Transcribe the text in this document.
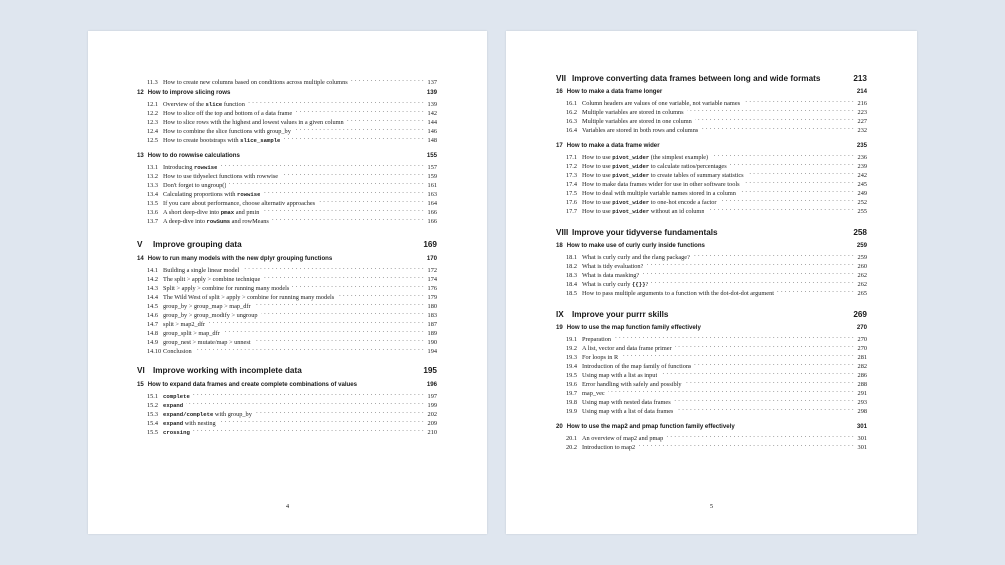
11.3 How to create new columns based on conditions across multiple columns . . .	137
12 How to improve slicing rows	139
12.1 Overview of the slice function . . .	139
12.2 How to slice off the top and bottom of a data frame . . .	142
12.3 How to slice rows with the highest and lowest values in a given column . . .	144
12.4 How to combine the slice functions with group_by . . .	146
12.5 How to create bootstraps with slice_sample . . .	148
13 How to do rowwise calculations	155
13.1 Introducing rowwise . . .	157
13.2 How to use tidyselect functions with rowwise . . .	159
13.3 Don't forget to ungroup() . . .	161
13.4 Calculating proportions with rowwise . . .	163
13.5 If you care about performance, choose alternativ approaches . . .	164
13.6 A short deep-dive into pmax and pmin . . .	166
13.7 A deep-dive into rowSums and rowMeans . . .	166
V Improve grouping data	169
14 How to run many models with the new dplyr grouping functions	170
14.1 Building a single linear model . . .	172
14.2 The split > apply > combine technique . . .	174
14.3 Split > apply > combine for running many models . . .	176
14.4 The Wild West of split > apply > combine for running many models . . .	179
14.5 group_by > group_map > map_dfr . . .	180
14.6 group_by > group_modify > ungroup . . .	183
14.7 split > map2_dfr . . .	187
14.8 group_split > map_dfr . . .	189
14.9 group_nest > mutate/map > unnest . . .	190
14.10 Conclusion . . .	194
VI Improve working with incomplete data	195
15 How to expand data frames and create complete combinations of values	196
15.1 complete . . .	197
15.2 expand . . .	199
15.3 expand/complete with group_by . . .	202
15.4 expand with nesting . . .	209
15.5 crossing . . .	210
4
VII Improve converting data frames between long and wide formats	213
16 How to make a data frame longer	214
16.1 Column headers are values of one variable, not variable names . . .	216
16.2 Multiple variables are stored in columns . . .	223
16.3 Multiple variables are stored in one column . . .	227
16.4 Variables are stored in both rows and columns . . .	232
17 How to make a data frame wider	235
17.1 How to use pivot_wider (the simplest example) . . .	236
17.2 How to use pivot_wider to calculate ratios/percentages . . .	239
17.3 How to use pivot_wider to create tables of summary statistics . . .	242
17.4 How to make data frames wider for use in other software tools . . .	245
17.5 How to deal with multiple variable names stored in a column . . .	249
17.6 How to use pivot_wider to one-hot encode a factor . . .	252
17.7 How to use pivot_wider without an id column . . .	255
VIII Improve your tidyverse fundamentals	258
18 How to make use of curly curly inside functions	259
18.1 What is curly curly and the rlang package? . . .	259
18.2 What is tidy evaluation? . . .	260
18.3 What is data masking? . . .	262
18.4 What is curly curly {{}}? . . .	262
18.5 How to pass multiple arguments to a function with the dot-dot-dot argument . . .	265
IX Improve your purrr skills	269
19 How to use the map function family effectively	270
19.1 Preparation . . .	270
19.2 A list, vector and data frame primer . . .	270
19.3 For loops in R . . .	281
19.4 Introduction of the map family of functions . . .	282
19.5 Using map with a list as input . . .	286
19.6 Error handling with safely and possibly . . .	288
19.7 map_vec . . .	291
19.8 Using map with nested data frames . . .	293
19.9 Using map with a list of data frames . . .	298
20 How to use the map2 and pmap function family effectively	301
20.1 An overview of map2 and pmap . . .	301
20.2 Introduction to map2 . . .	301
5
